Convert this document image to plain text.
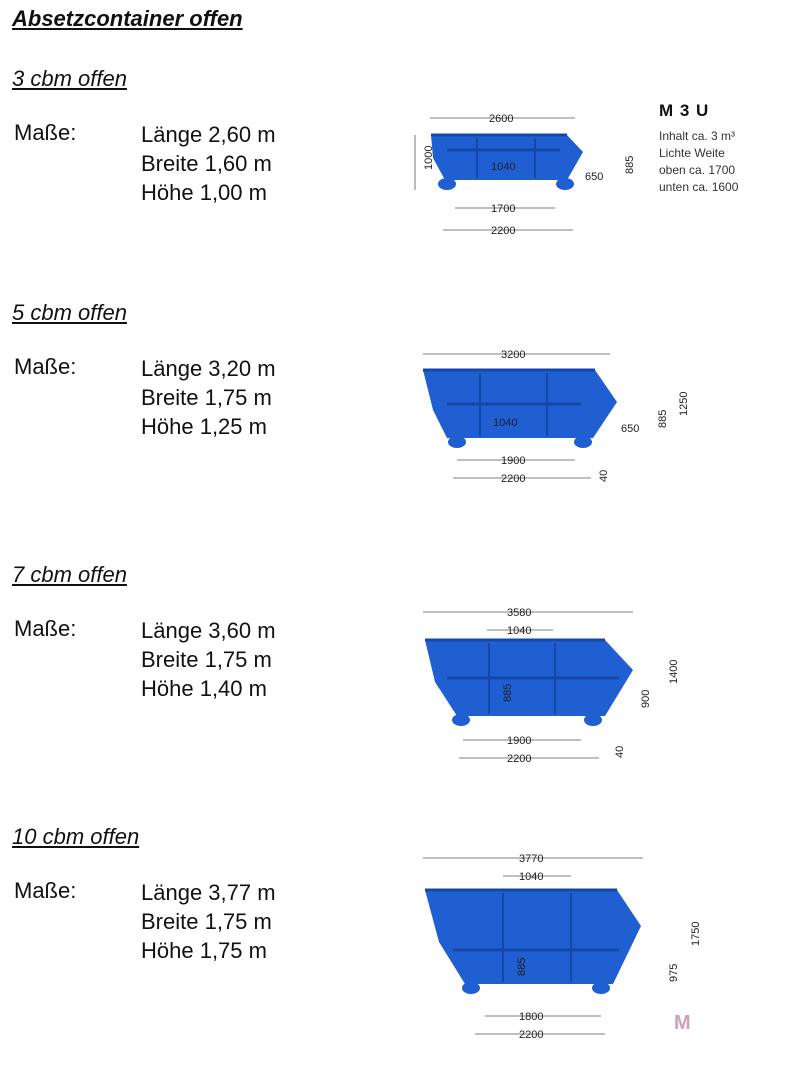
Absetzcontainer offen
3 cbm offen
Maße:	Länge 2,60 m
Breite 1,60 m
Höhe 1,00 m
2600
1040
1000
650
885
1700
2200
M 3 U
Inhalt ca. 3 m³
Lichte Weite
oben ca. 1700
unten ca. 1600
5 cbm offen
Maße:	Länge 3,20 m
Breite 1,75 m
Höhe 1,25 m
3200
1040	650
885
1250
1900
40
2200
7 cbm offen
Maße:	Länge 3,60 m
Breite 1,75 m
Höhe 1,40 m
3580
1040
885	900
1400
1900
40
2200
10 cbm offen
Maße:	Länge 3,77 m
Breite 1,75 m
Höhe 1,75 m
3770
1040
885	975
1750
1800
2200
M
